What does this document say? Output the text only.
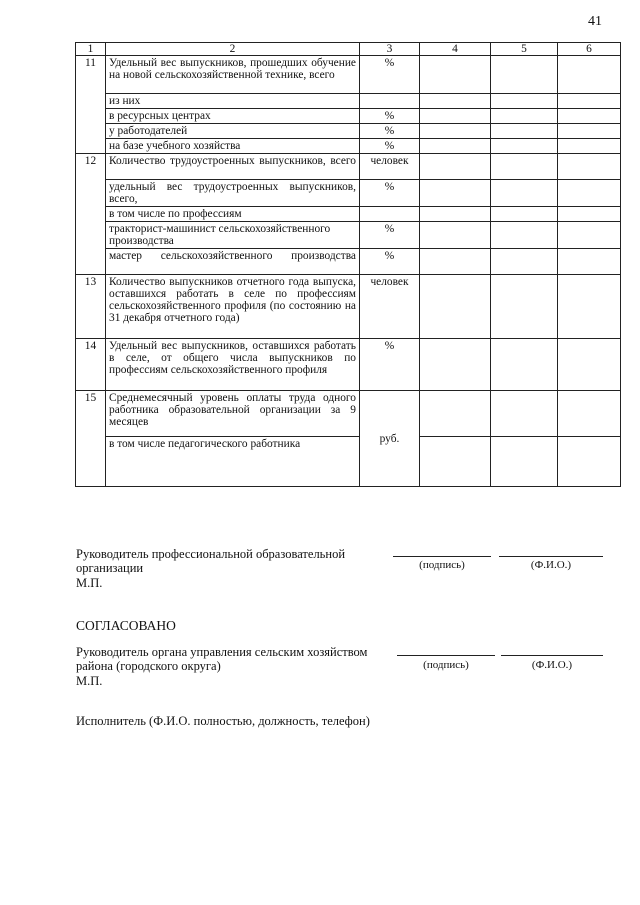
41
1	2	3	4	5	6
11	Удельный вес выпускников, прошедших обучение на новой сельскохозяйственной технике, всего	%			
	из них				
	в ресурсных центрах	%			
	у работодателей	%			
	на базе учебного хозяйства	%			
12	Количество трудоустроенных выпускников, всего	человек			
	удельный вес трудоустроенных выпускников, всего,	%			
	в том числе по профессиям				
	тракторист-машинист сельскохозяйственного производства	%			
	мастер сельскохозяйственного производства	%			
13	Количество выпускников отчетного года выпуска, оставшихся работать в селе по профессиям сельскохозяйственного профиля (по состоянию на 31 декабря отчетного года)	человек			
14	Удельный вес выпускников, оставшихся работать в селе, от общего числа выпускников по профессиям сельскохозяйственного профиля	%			
15	Среднемесячный уровень оплаты труда одного работника образовательной организации за 9 месяцев	руб.			
	в том числе педагогического работника				
Руководитель профессиональной образовательной организации
М.П.
(подпись)	(Ф.И.О.)
СОГЛАСОВАНО
Руководитель органа управления сельским хозяйством района (городского округа)
М.П.
(подпись)	(Ф.И.О.)
Исполнитель (Ф.И.О. полностью, должность, телефон)
